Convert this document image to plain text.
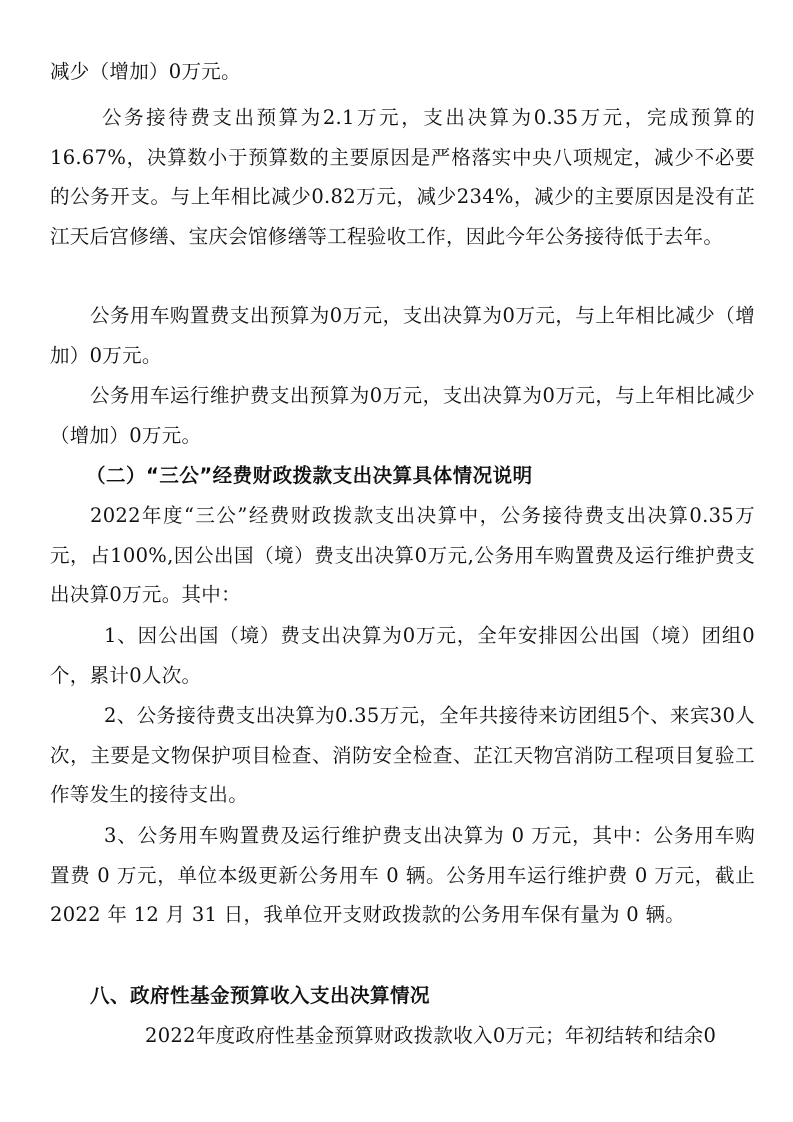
减少（增加）0万元。

公务接待费支出预算为2.1万元，支出决算为0.35万元，完成预算的16.67%，决算数小于预算数的主要原因是严格落实中央八项规定，减少不必要的公务开支。与上年相比减少0.82万元，减少234%，减少的主要原因是没有芷江天后宫修缮、宝庆会馆修缮等工程验收工作，因此今年公务接待低于去年。

公务用车购置费支出预算为0万元，支出决算为0万元，与上年相比减少（增加）0万元。

公务用车运行维护费支出预算为0万元，支出决算为0万元，与上年相比减少（增加）0万元。

（二）“三公”经费财政拨款支出决算具体情况说明

2022年度“三公”经费财政拨款支出决算中，公务接待费支出决算0.35万元，占100%,因公出国（境）费支出决算0万元,公务用车购置费及运行维护费支出决算0万元。其中：

1、因公出国（境）费支出决算为0万元，全年安排因公出国（境）团组0个，累计0人次。

2、公务接待费支出决算为0.35万元，全年共接待来访团组5个、来宾30人次，主要是文物保护项目检查、消防安全检查、芷江天物宫消防工程项目复验工作等发生的接待支出。

3、公务用车购置费及运行维护费支出决算为 0 万元，其中：公务用车购置费 0 万元，单位本级更新公务用车 0 辆。公务用车运行维护费 0 万元，截止 2022 年 12 月 31 日，我单位开支财政拨款的公务用车保有量为 0 辆。

八、政府性基金预算收入支出决算情况

2022年度政府性基金预算财政拨款收入0万元；年初结转和结余0
